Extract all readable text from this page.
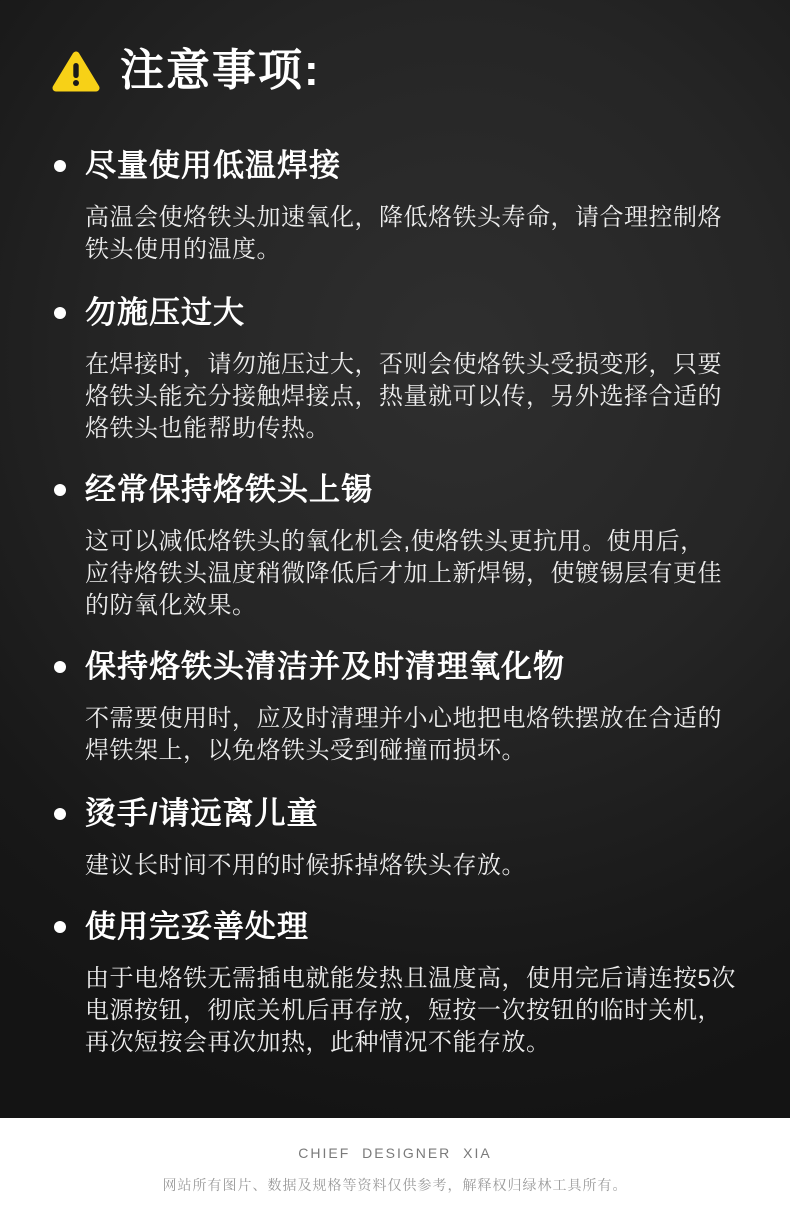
注意事项:
尽量使用低温焊接
高温会使烙铁头加速氧化，降低烙铁头寿命，请合理控制烙
铁头使用的温度。
勿施压过大
在焊接时，请勿施压过大，否则会使烙铁头受损变形，只要
烙铁头能充分接触焊接点，热量就可以传，另外选择合适的
烙铁头也能帮助传热。
经常保持烙铁头上锡
这可以减低烙铁头的氧化机会,使烙铁头更抗用。使用后，
应待烙铁头温度稍微降低后才加上新焊锡，使镀锡层有更佳
的防氧化效果。
保持烙铁头清洁并及时清理氧化物
不需要使用时，应及时清理并小心地把电烙铁摆放在合适的
焊铁架上，以免烙铁头受到碰撞而损坏。
烫手/请远离儿童
建议长时间不用的时候拆掉烙铁头存放。
使用完妥善处理
由于电烙铁无需插电就能发热且温度高，使用完后请连按5次
电源按钮，彻底关机后再存放，短按一次按钮的临时关机，
再次短按会再次加热，此种情况不能存放。
CHIEF DESIGNER XIA
网站所有图片、数据及规格等资料仅供参考，解释权归绿林工具所有。
